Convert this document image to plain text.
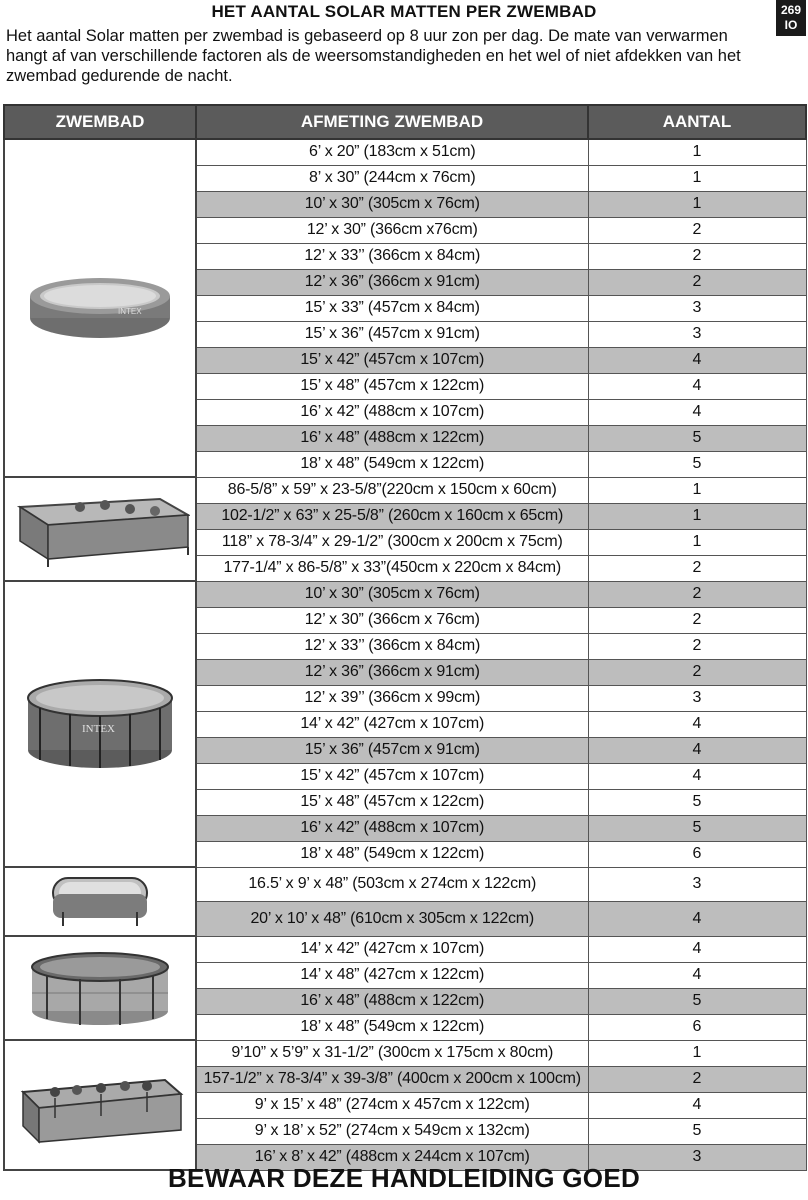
HET AANTAL SOLAR MATTEN PER ZWEMBAD	269
IO

Het aantal Solar matten per zwembad is gebaseerd op 8 uur zon per dag. De mate van verwarmen hangt af van verschillende factoren als de weersomstandigheden en het wel of niet afdekken van het zwembad gedurende de nacht.

ZWEMBAD	AFMETING ZWEMBAD	AANTAL

INTEX	6’ x 20” (183cm x 51cm)	1
	8’ x 30” (244cm x 76cm)	1
	10’ x 30” (305cm x 76cm)	1
	12’ x 30” (366cm x76cm)	2
	12’ x 33’’ (366cm x 84cm)	2
	12’ x 36” (366cm x 91cm)	2
	15’ x 33” (457cm x 84cm)	3
	15’ x 36” (457cm x 91cm)	3
	15’ x 42” (457cm x 107cm)	4
	15’ x 48” (457cm x 122cm)	4
	16’ x 42” (488cm x 107cm)	4
	16’ x 48” (488cm x 122cm)	5
	18’ x 48” (549cm x 122cm)	5
	86-5/8” x 59” x 23-5/8”(220cm x 150cm x 60cm)	1
	102-1/2” x 63” x 25-5/8” (260cm x 160cm x 65cm)	1
	118” x 78-3/4” x 29-1/2” (300cm x 200cm x 75cm)	1
	177-1/4” x 86-5/8” x 33”(450cm x 220cm x 84cm)	2

INTEX	10’ x 30” (305cm x 76cm)	2
	12’ x 30” (366cm x 76cm)	2
	12’ x 33’’ (366cm x 84cm)	2
	12’ x 36” (366cm x 91cm)	2
	12’ x 39’’ (366cm x 99cm)	3
	14’ x 42” (427cm x 107cm)	4
	15’ x 36” (457cm x 91cm)	4
	15’ x 42” (457cm x 107cm)	4
	15’ x 48” (457cm x 122cm)	5
	16’ x 42” (488cm x 107cm)	5
	18’ x 48” (549cm x 122cm)	6
	16.5’ x 9’ x 48” (503cm x 274cm x 122cm)	3
	20’ x 10’ x 48” (610cm x 305cm x 122cm)	4
	14’ x 42” (427cm x 107cm)	4
	14’ x 48” (427cm x 122cm)	4
	16’ x 48” (488cm x 122cm)	5
	18’ x 48” (549cm x 122cm)	6
	9’10” x 5’9” x 31-1/2” (300cm x 175cm x 80cm)	1
	157-1/2” x 78-3/4” x 39-3/8” (400cm x 200cm x 100cm)	2
	9’ x 15’ x 48” (274cm x 457cm x 122cm)	4
	9’ x 18’ x 52” (274cm x 549cm x 132cm)	5
	16’ x 8’ x 42” (488cm x 244cm x 107cm)	3
BEWAAR DEZE HANDLEIDING GOED
